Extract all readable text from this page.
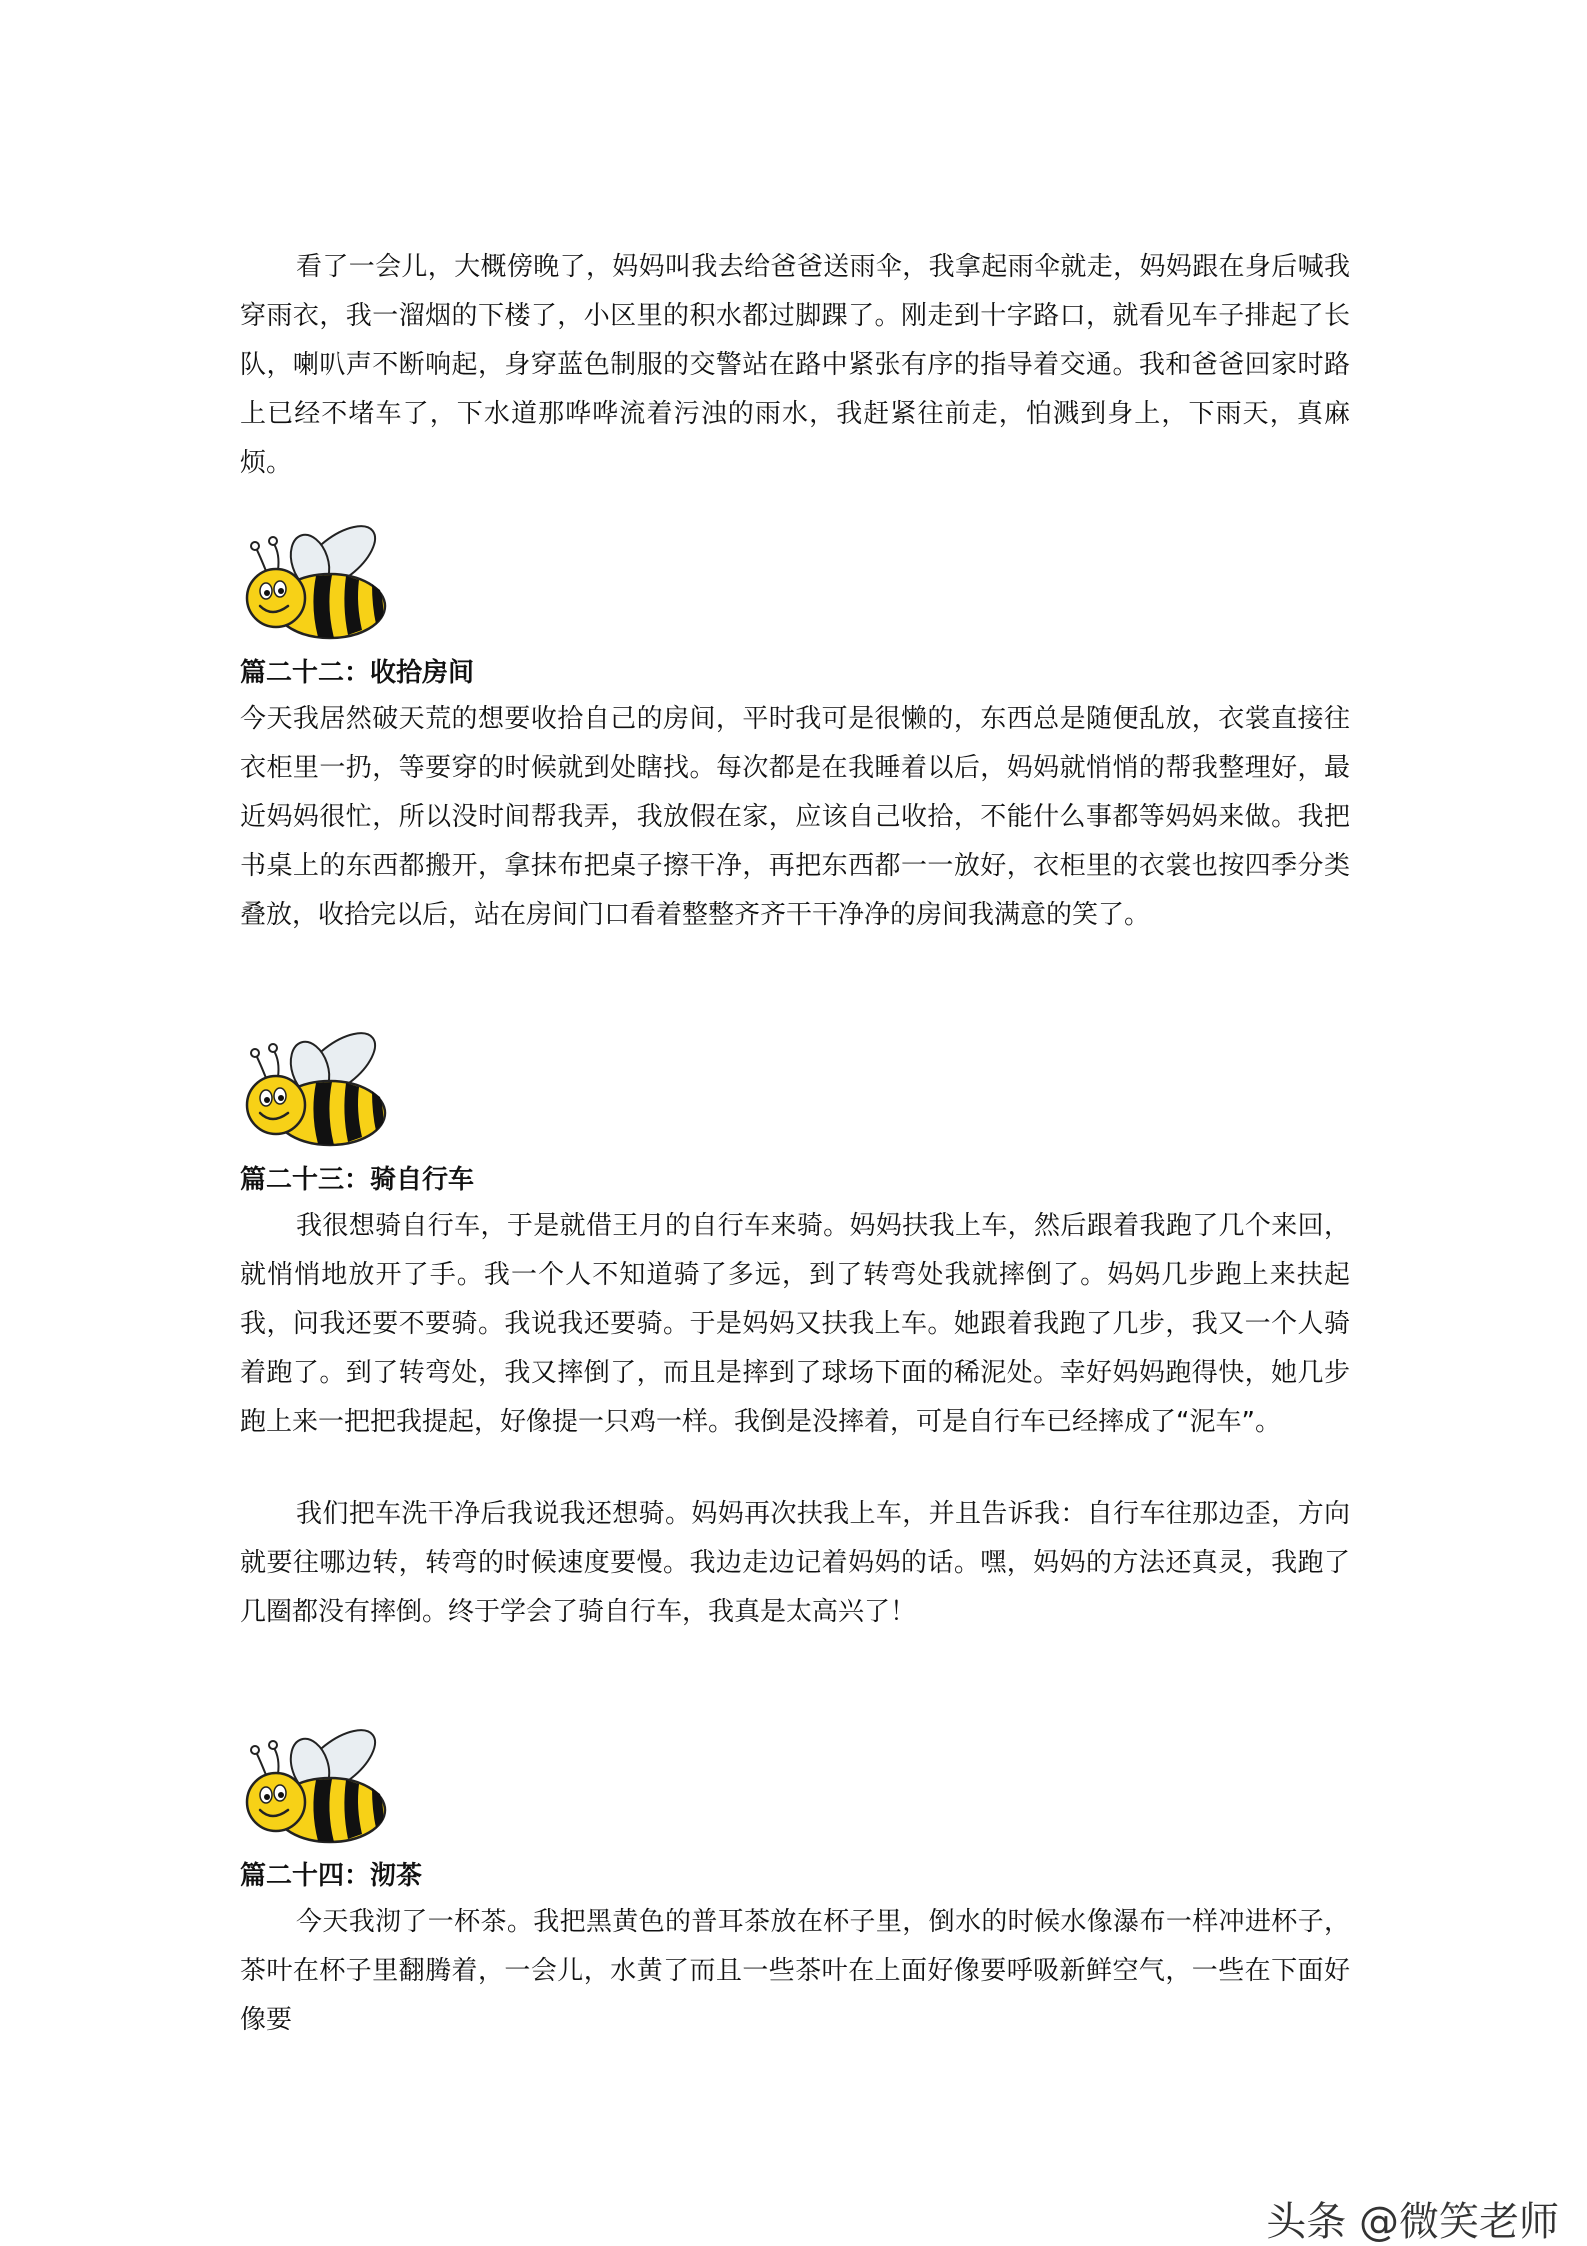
看了一会儿，大概傍晚了，妈妈叫我去给爸爸送雨伞，我拿起雨伞就走，妈妈跟在身后喊我穿雨衣，我一溜烟的下楼了，小区里的积水都过脚踝了。刚走到十字路口，就看见车子排起了长队，喇叭声不断响起，身穿蓝色制服的交警站在路中紧张有序的指导着交通。我和爸爸回家时路上已经不堵车了，下水道那哗哗流着污浊的雨水，我赶紧往前走，怕溅到身上，下雨天，真麻烦。

篇二十二：收拾房间

今天我居然破天荒的想要收拾自己的房间，平时我可是很懒的，东西总是随便乱放，衣裳直接往衣柜里一扔，等要穿的时候就到处瞎找。每次都是在我睡着以后，妈妈就悄悄的帮我整理好，最近妈妈很忙，所以没时间帮我弄，我放假在家，应该自己收拾，不能什么事都等妈妈来做。我把书桌上的东西都搬开，拿抹布把桌子擦干净，再把东西都一一放好，衣柜里的衣裳也按四季分类叠放，收拾完以后，站在房间门口看着整整齐齐干干净净的房间我满意的笑了。

篇二十三：骑自行车

我很想骑自行车，于是就借王月的自行车来骑。妈妈扶我上车，然后跟着我跑了几个来回，就悄悄地放开了手。我一个人不知道骑了多远，到了转弯处我就摔倒了。妈妈几步跑上来扶起我，问我还要不要骑。我说我还要骑。于是妈妈又扶我上车。她跟着我跑了几步，我又一个人骑着跑了。到了转弯处，我又摔倒了，而且是摔到了球场下面的稀泥处。幸好妈妈跑得快，她几步跑上来一把把我提起，好像提一只鸡一样。我倒是没摔着，可是自行车已经摔成了“泥车”。

我们把车洗干净后我说我还想骑。妈妈再次扶我上车，并且告诉我：自行车往那边歪，方向就要往哪边转，转弯的时候速度要慢。我边走边记着妈妈的话。嘿，妈妈的方法还真灵，我跑了几圈都没有摔倒。终于学会了骑自行车，我真是太高兴了！

篇二十四：沏茶

今天我沏了一杯茶。我把黑黄色的普耳茶放在杯子里，倒水的时候水像瀑布一样冲进杯子，茶叶在杯子里翻腾着，一会儿，水黄了而且一些茶叶在上面好像要呼吸新鲜空气，一些在下面好像要

头条 @微笑老师
